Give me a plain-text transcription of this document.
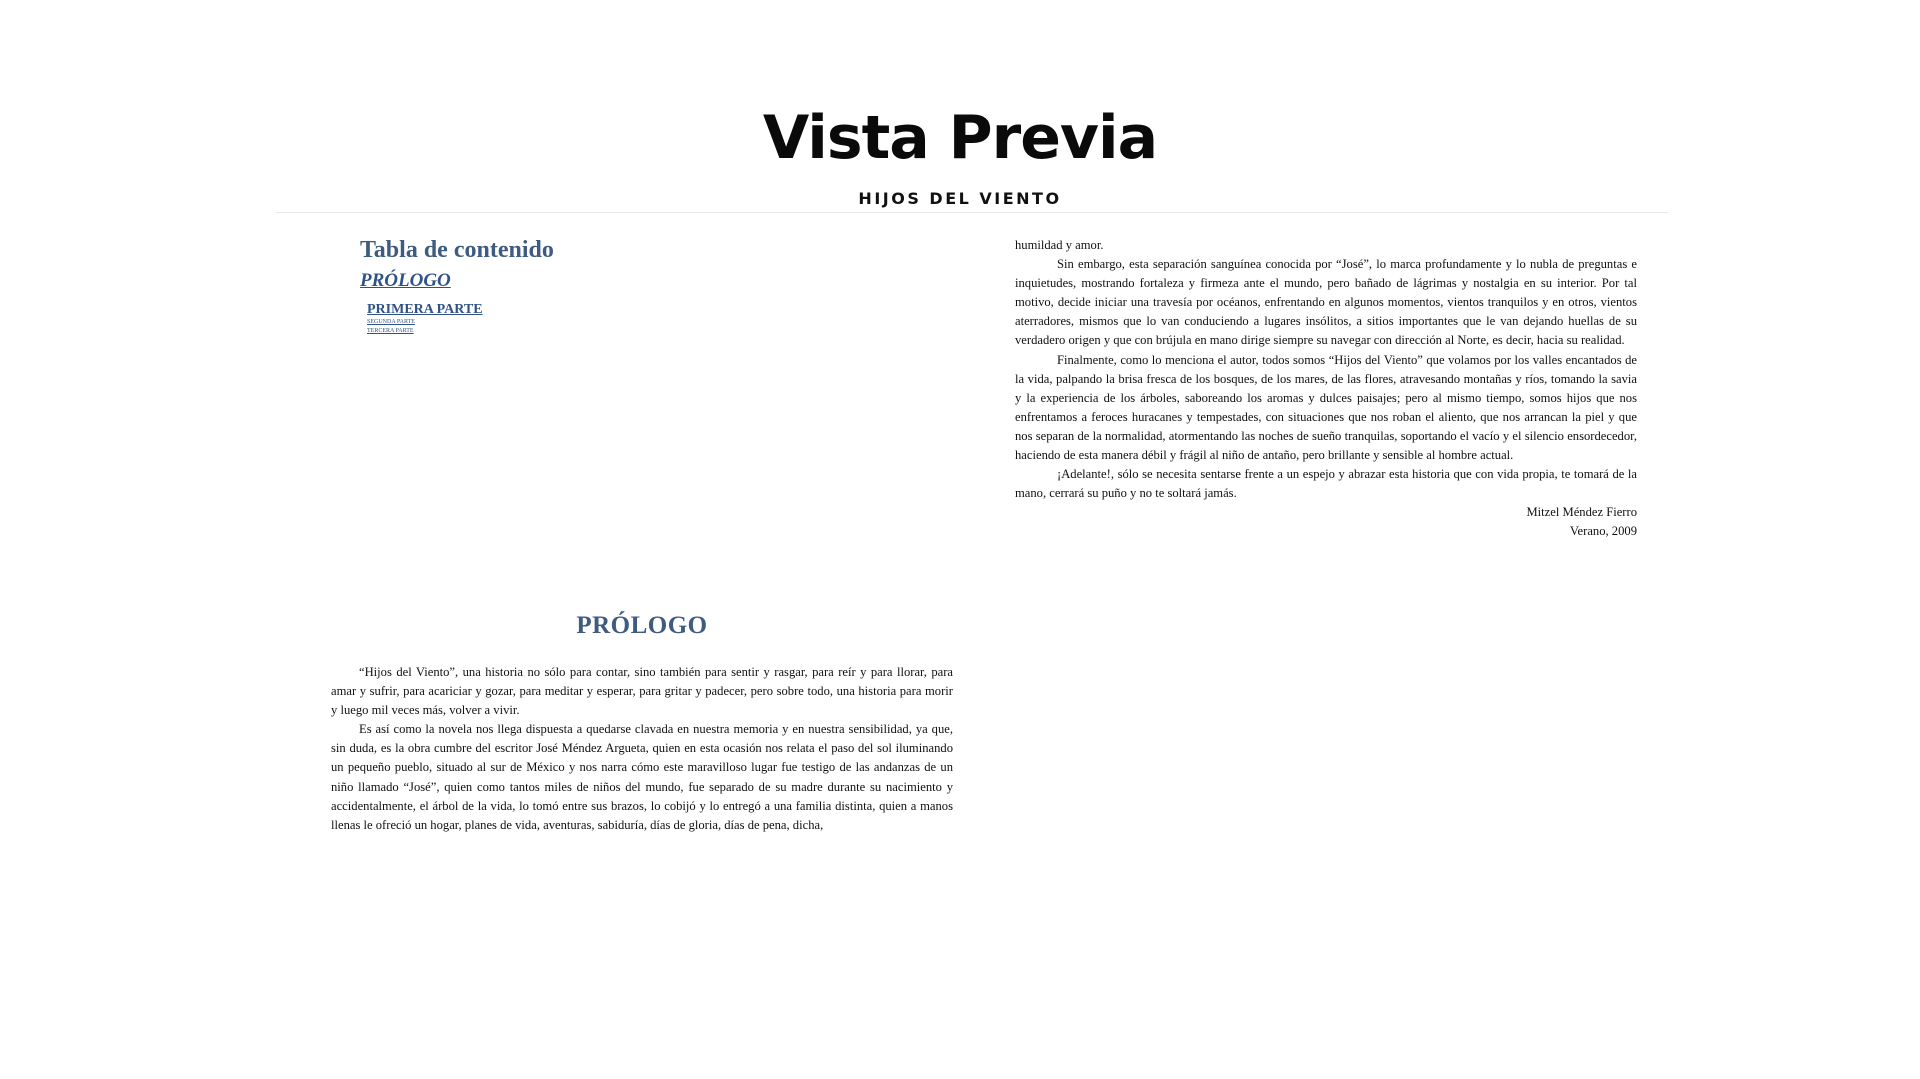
Vista Previa
HIJOS DEL VIENTO
Tabla de contenido
PRÓLOGO
PRIMERA PARTE
SEGUNDA PARTE
TERCERA PARTE
PRÓLOGO

“Hijos del Viento”, una historia no sólo para contar, sino también para sentir y rasgar, para reír y para llorar, para amar y sufrir, para acariciar y gozar, para meditar y esperar, para gritar y padecer, pero sobre todo, una historia para morir y luego mil veces más, volver a vivir.

Es así como la novela nos llega dispuesta a quedarse clavada en nuestra memoria y en nuestra sensibilidad, ya que, sin duda, es la obra cumbre del escritor José Méndez Argueta, quien en esta ocasión nos relata el paso del sol iluminando un pequeño pueblo, situado al sur de México y nos narra cómo este maravilloso lugar fue testigo de las andanzas de un niño llamado “José”, quien como tantos miles de niños del mundo, fue separado de su madre durante su nacimiento y accidentalmente, el árbol de la vida, lo tomó entre sus brazos, lo cobijó y lo entregó a una familia distinta, quien a manos llenas le ofreció un hogar, planes de vida, aventuras, sabiduría, días de gloria, días de pena, dicha,

humildad y amor.

Sin embargo, esta separación sanguínea conocida por “José”, lo marca profundamente y lo nubla de preguntas e inquietudes, mostrando fortaleza y firmeza ante el mundo, pero bañado de lágrimas y nostalgia en su interior. Por tal motivo, decide iniciar una travesía por océanos, enfrentando en algunos momentos, vientos tranquilos y en otros, vientos aterradores, mismos que lo van conduciendo a lugares insólitos, a sitios importantes que le van dejando huellas de su verdadero origen y que con brújula en mano dirige siempre su navegar con dirección al Norte, es decir, hacia su realidad.

Finalmente, como lo menciona el autor, todos somos “Hijos del Viento” que volamos por los valles encantados de la vida, palpando la brisa fresca de los bosques, de los mares, de las flores, atravesando montañas y ríos, tomando la savia y la experiencia de los árboles, saboreando los aromas y dulces paisajes; pero al mismo tiempo, somos hijos que nos enfrentamos a feroces huracanes y tempestades, con situaciones que nos roban el aliento, que nos arrancan la piel y que nos separan de la normalidad, atormentando las noches de sueño tranquilas, soportando el vacío y el silencio ensordecedor, haciendo de esta manera débil y frágil al niño de antaño, pero brillante y sensible al hombre actual.

¡Adelante!, sólo se necesita sentarse frente a un espejo y abrazar esta historia que con vida propia, te tomará de la mano, cerrará su puño y no te soltará jamás.

Mitzel Méndez Fierro

Verano, 2009
